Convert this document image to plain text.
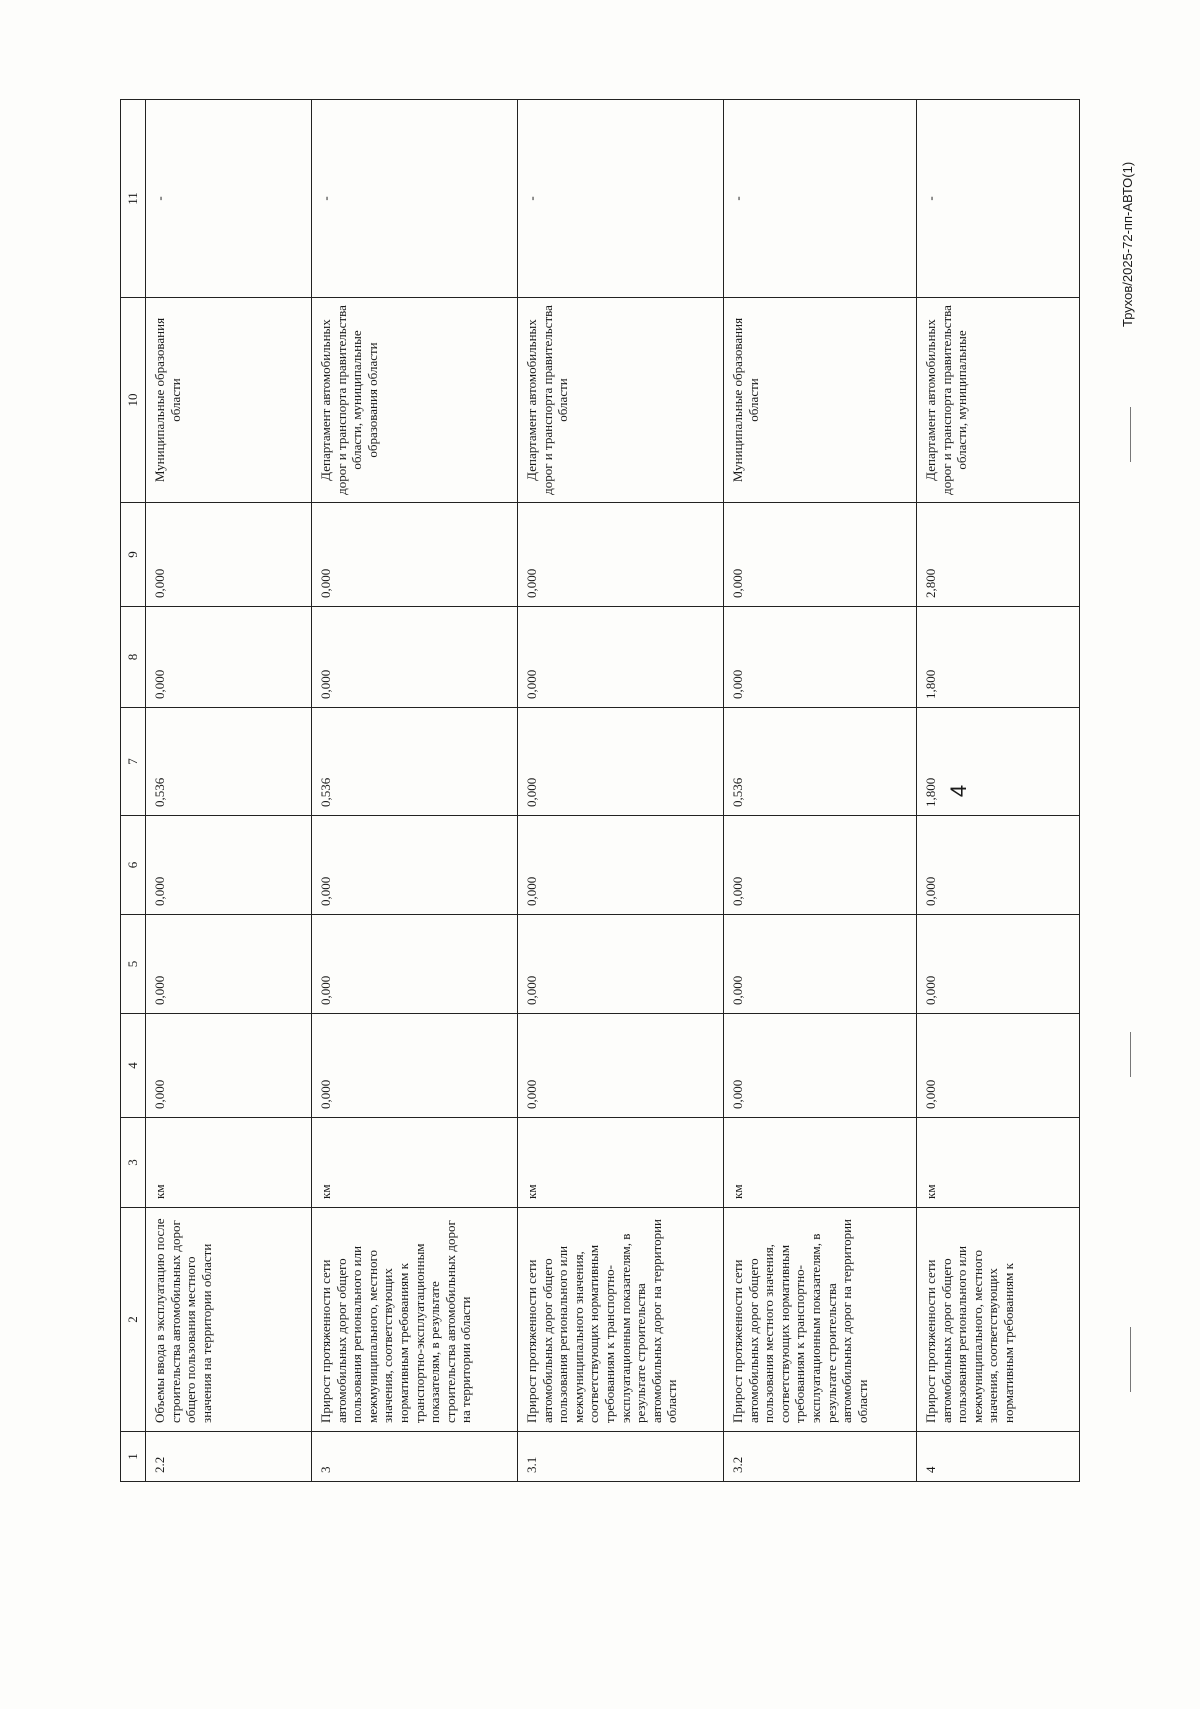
1	2	3	4	5	6	7	8	9	10	11
2.2	Объемы ввода в эксплуатацию после строительства автомобильных дорог общего пользования местного значения на территории области	км	0,000	0,000	0,000	0,536	0,000	0,000	Муниципальные образования области	-
3	Прирост протяженности сети автомобильных дорог общего пользования регионального или межмуниципального, местного значения, соответствующих нормативным требованиям к транспортно-эксплуатационным показателям, в результате строительства автомобильных дорог на территории области	км	0,000	0,000	0,000	0,536	0,000	0,000	Департамент автомобильных дорог и транспорта правительства области, муниципальные образования области	-
3.1	Прирост протяженности сети автомобильных дорог общего пользования регионального или межмуниципального значения, соответствующих нормативным требованиям к транспортно-эксплуатационным показателям, в результате строительства автомобильных дорог на территории области	км	0,000	0,000	0,000	0,000	0,000	0,000	Департамент автомобильных дорог и транспорта правительства области	-
3.2	Прирост протяженности сети автомобильных дорог общего пользования местного значения, соответствующих нормативным требованиям к транспортно-эксплуатационным показателям, в результате строительства автомобильных дорог на территории области	км	0,000	0,000	0,000	0,536	0,000	0,000	Муниципальные образования области	-
4	Прирост протяженности сети автомобильных дорог общего пользования регионального или межмуниципального, местного значения, соответствующих нормативным требованиям к	км	0,000	0,000	0,000	1,800	1,800	2,800	Департамент автомобильных дорог и транспорта правительства области, муниципальные	-
4
Трухов/2025-72-пп-АВТО(1)
